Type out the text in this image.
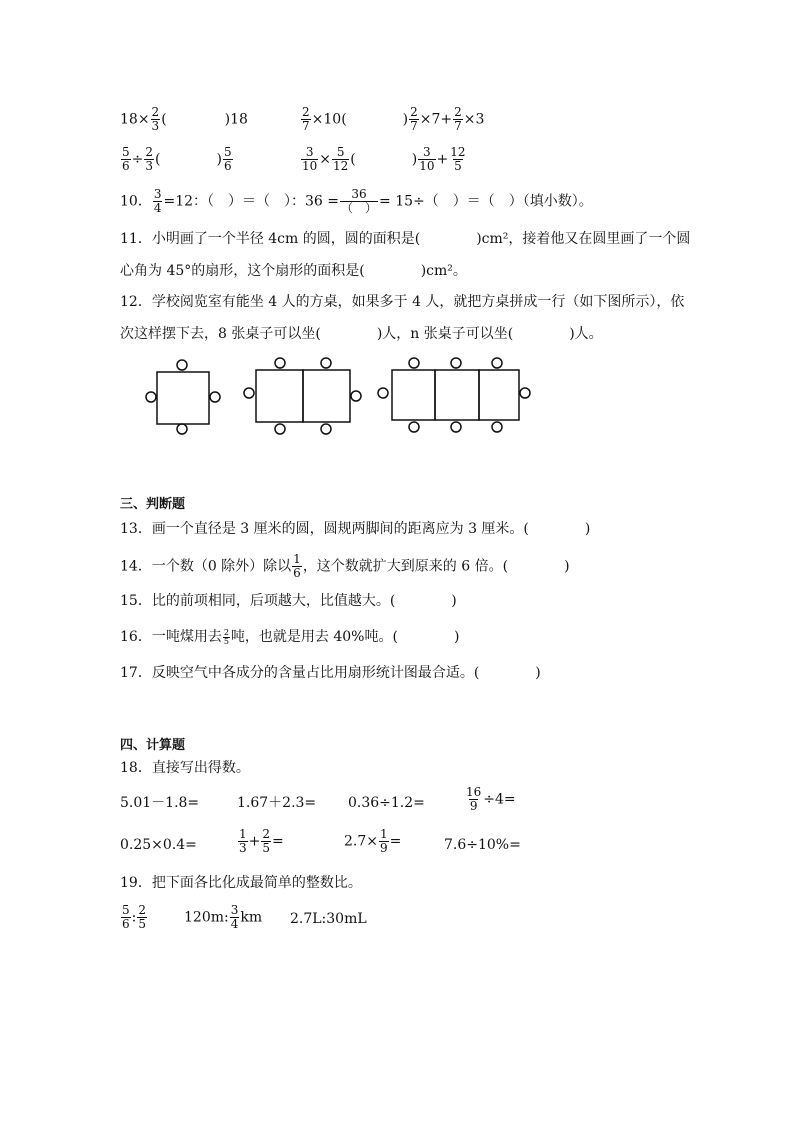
$18\times \frac{2}{3}$ (	)18	$\frac{2}{7} \times 10$(	) $\frac{2}{7} \times 7+ \frac{2}{7} \times 3$
$\frac{5}{6} \div \frac{2}{3}$ (	) $\frac{5}{6}$	$\frac{3}{10} \times \frac{5}{12}$ (	) $\frac{3}{10} + \frac{12}{5}$
10． $\frac{3}{4} =12$：（　）＝（　）：$36 = \frac{36}{( )} = 15\div$（　）＝（　）（填小数）。
11．小明画了一个半径 4cm 的圆，圆的面积是(　　　　)cm²，接着他又在圆里画了一个圆
心角为 45°的扇形，这个扇形的面积是(　　　　)cm²。
12．学校阅览室有能坐 4 人的方桌，如果多于 4 人，就把方桌拼成一行（如下图所示），依
次这样摆下去，8 张桌子可以坐(　　　　)人，n 张桌子可以坐(　　　　)人。
三、判断题
13．画一个直径是 3 厘米的圆，圆规两脚间的距离应为 3 厘米。(　　　　)
14．一个数（0 除外）除以 $\frac{1}{6}$ ，这个数就扩大到原来的 6 倍。(　　　　)
15．比的前项相同，后项越大，比值越大。(　　　　)
16．一吨煤用去 $\frac{2}{5}$ 吨，也就是用去 40%吨。(　　　　)
17．反映空气中各成分的含量占比用扇形统计图最合适。(　　　　)
四、计算题
18．直接写出得数。
5.01－1.8=	1.67＋2.3= 0.36÷1.2=	$\frac{16}{9} \div 4=$
0.25×0.4=	$\frac{1}{3} + \frac{2}{5}$ =	$2.7\times \frac{1}{9}$ =	7.6÷10%=
19．把下面各比化成最简单的整数比。
$\frac{5}{6}$ : $\frac{2}{5}$	120m: $\frac{3}{4}$ km 2.7L:30mL
